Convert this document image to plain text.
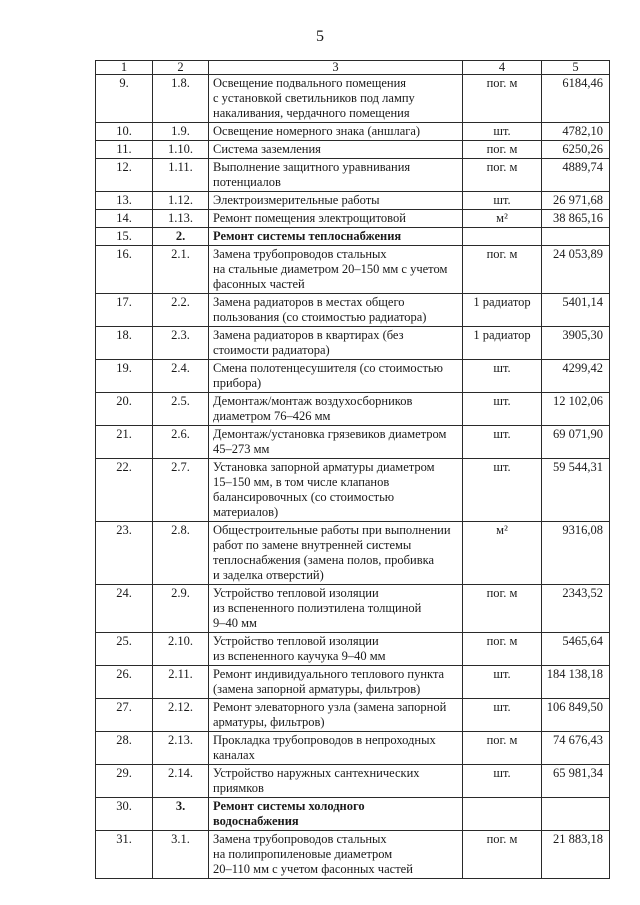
5
1	2	3	4	5
9.	1.8.	Освещение подвального помещения
с установкой светильников под лампу
накаливания, чердачного помещения	пог. м	6184,46
10.	1.9.	Освещение номерного знака (аншлага)	шт.	4782,10
11.	1.10.	Система заземления	пог. м	6250,26
12.	1.11.	Выполнение защитного уравнивания
потенциалов	пог. м	4889,74
13.	1.12.	Электроизмерительные работы	шт.	26 971,68
14.	1.13.	Ремонт помещения электрощитовой	м²	38 865,16
15.	2.	Ремонт системы теплоснабжения		

16.	2.1.	Замена трубопроводов стальных
на стальные диаметром 20–150 мм с учетом
фасонных частей	пог. м	24 053,89
17.	2.2.	Замена радиаторов в местах общего
пользования (со стоимостью радиатора)	1 радиатор	5401,14
18.	2.3.	Замена радиаторов в квартирах (без
стоимости радиатора)	1 радиатор	3905,30
19.	2.4.	Смена полотенцесушителя (со стоимостью
прибора)	шт.	4299,42
20.	2.5.	Демонтаж/монтаж воздухосборников
диаметром 76–426 мм	шт.	12 102,06
21.	2.6.	Демонтаж/установка грязевиков диаметром
45–273 мм	шт.	69 071,90
22.	2.7.	Установка запорной арматуры диаметром
15–150 мм, в том числе клапанов
балансировочных (со стоимостью
материалов)	шт.	59 544,31
23.	2.8.	Общестроительные работы при выполнении
работ по замене внутренней системы
теплоснабжения (замена полов, пробивка
и заделка отверстий)	м²	9316,08
24.	2.9.	Устройство тепловой изоляции
из вспененного полиэтилена толщиной
9–40 мм	пог. м	2343,52
25.	2.10.	Устройство тепловой изоляции
из вспененного каучука 9–40 мм	пог. м	5465,64
26.	2.11.	Ремонт индивидуального теплового пункта
(замена запорной арматуры, фильтров)	шт.	184 138,18
27.	2.12.	Ремонт элеваторного узла (замена запорной
арматуры, фильтров)	шт.	106 849,50
28.	2.13.	Прокладка трубопроводов в непроходных
каналах	пог. м	74 676,43
29.	2.14.	Устройство наружных сантехнических
приямков	шт.	65 981,34
30.	3.	Ремонт системы холодного
водоснабжения		

31.	3.1.	Замена трубопроводов стальных
на полипропиленовые диаметром
20–110 мм с учетом фасонных частей	пог. м	21 883,18
